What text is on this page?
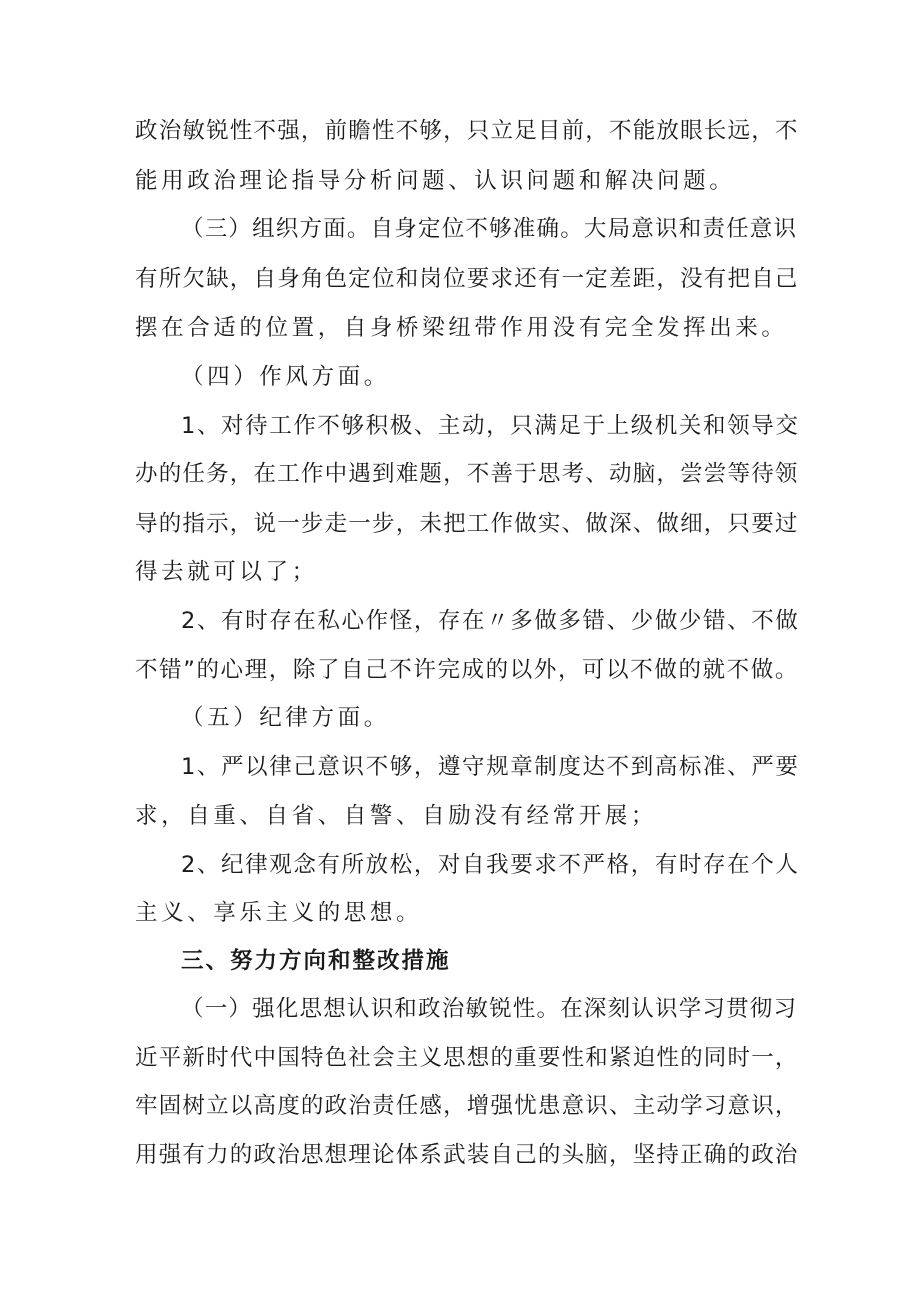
政治敏锐性不强，前瞻性不够，只立足目前，不能放眼长远，不
能用政治理论指导分析问题、认识问题和解决问题。
（三）组织方面。自身定位不够准确。大局意识和责任意识
有所欠缺，自身角色定位和岗位要求还有一定差距，没有把自己
摆在合适的位置，自身桥梁纽带作用没有完全发挥出来。
（四）作风方面。
1、对待工作不够积极、主动，只满足于上级机关和领导交
办的任务，在工作中遇到难题，不善于思考、动脑，尝尝等待领
导的指示，说一步走一步，未把工作做实、做深、做细，只要过
得去就可以了；
2、有时存在私心作怪，存在〃多做多错、少做少错、不做
不错”的心理，除了自己不许完成的以外，可以不做的就不做。
（五）纪律方面。
1、严以律己意识不够，遵守规章制度达不到高标准、严要
求，自重、自省、自警、自励没有经常开展；
2、纪律观念有所放松，对自我要求不严格，有时存在个人
主义、享乐主义的思想。
三、努力方向和整改措施
（一）强化思想认识和政治敏锐性。在深刻认识学习贯彻习
近平新时代中国特色社会主义思想的重要性和紧迫性的同时一，
牢固树立以高度的政治责任感，增强忧患意识、主动学习意识，
用强有力的政治思想理论体系武装自己的头脑，坚持正确的政治
